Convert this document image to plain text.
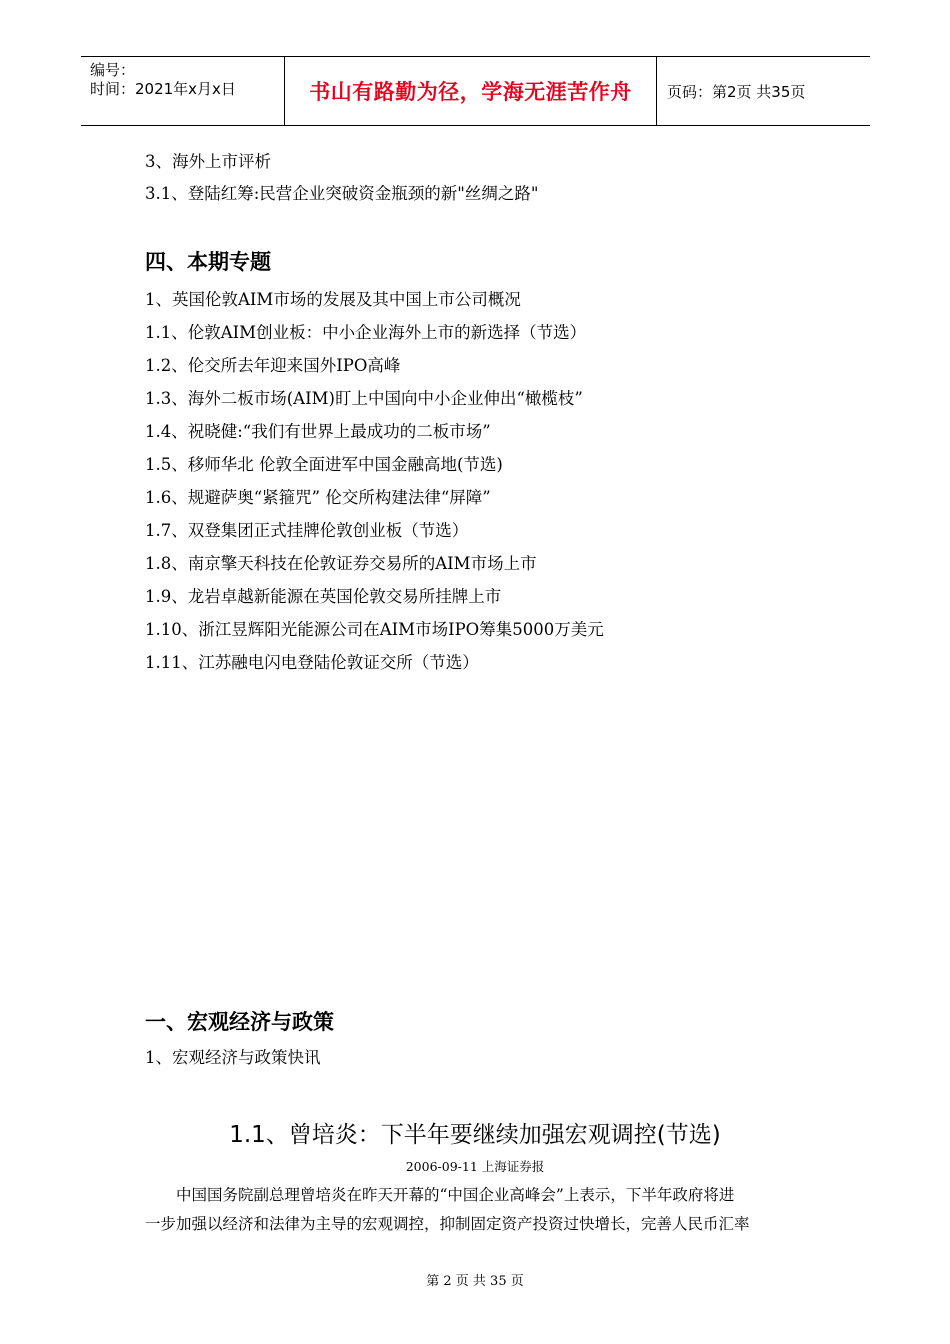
编号：
时间：2021年x月x日	书山有路勤为径，学海无涯苦作舟	页码：第2页 共35页
3、海外上市评析
3.1、登陆红筹:民营企业突破资金瓶颈的新"丝绸之路"
四、本期专题
1、英国伦敦AIM市场的发展及其中国上市公司概况
1.1、伦敦AIM创业板：中小企业海外上市的新选择（节选）
1.2、伦交所去年迎来国外IPO高峰
1.3、海外二板市场(AIM)盯上中国向中小企业伸出“橄榄枝”
1.4、祝晓健:“我们有世界上最成功的二板市场”
1.5、移师华北 伦敦全面进军中国金融高地(节选)
1.6、规避萨奥“紧箍咒” 伦交所构建法律“屏障”
1.7、双登集团正式挂牌伦敦创业板（节选）
1.8、南京擎天科技在伦敦证券交易所的AIM市场上市
1.9、龙岩卓越新能源在英国伦敦交易所挂牌上市
1.10、浙江昱辉阳光能源公司在AIM市场IPO筹集5000万美元
1.11、江苏融电闪电登陆伦敦证交所（节选）
一、宏观经济与政策
1、宏观经济与政策快讯
1.1、曾培炎：下半年要继续加强宏观调控(节选)
2006-09-11 上海证券报
中国国务院副总理曾培炎在昨天开幕的“中国企业高峰会”上表示，下半年政府将进
一步加强以经济和法律为主导的宏观调控，抑制固定资产投资过快增长，完善人民币汇率
第 2 页 共 35 页
